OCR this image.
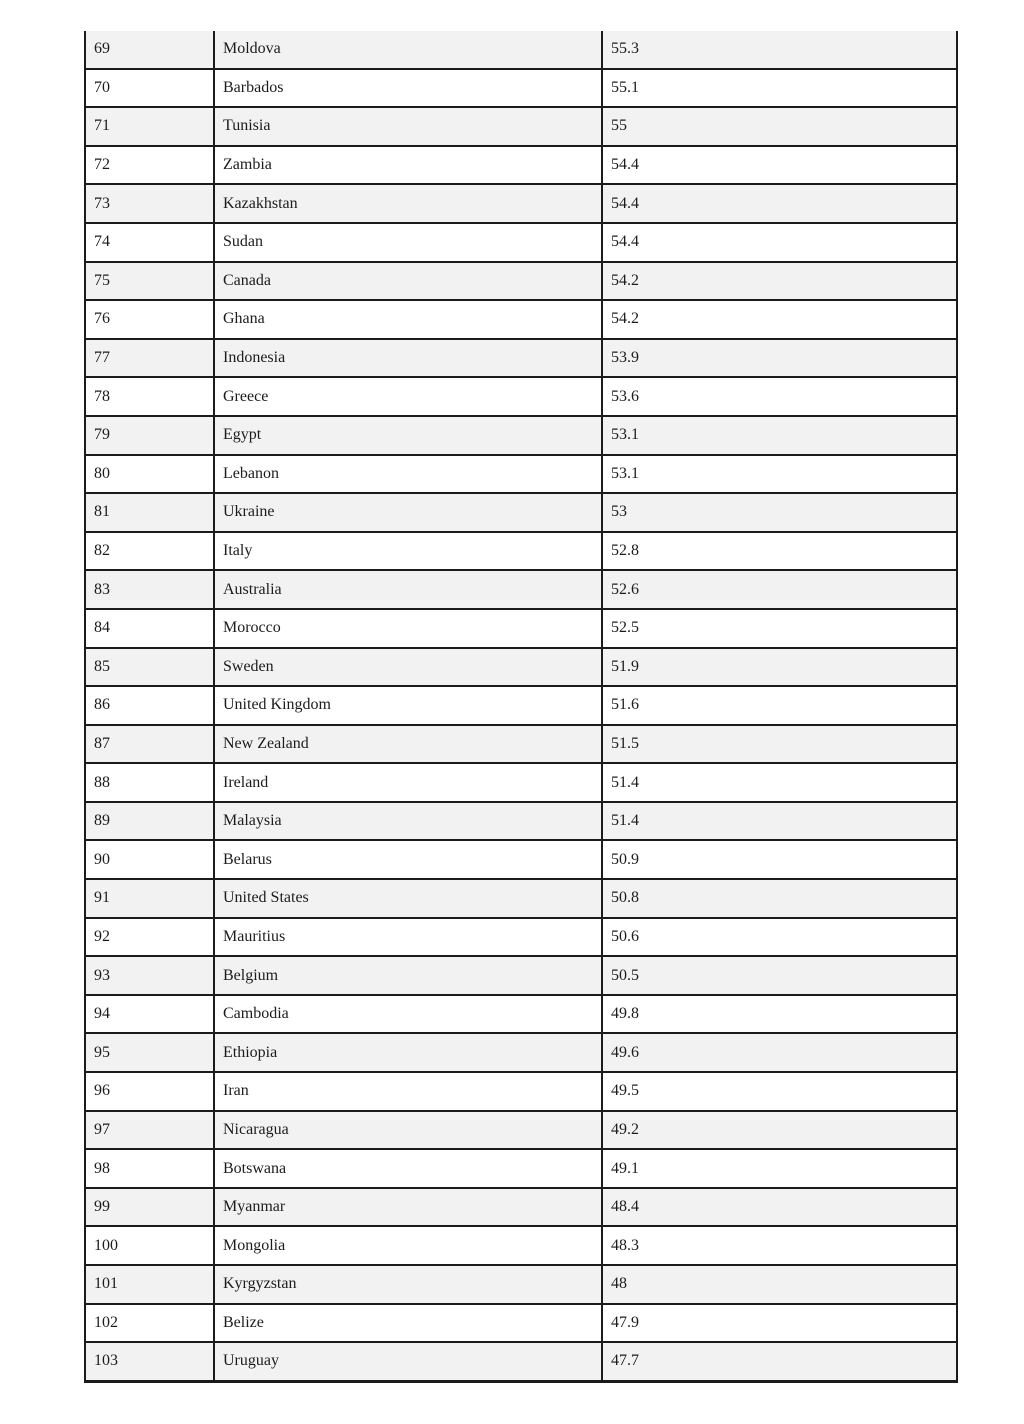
69	Moldova	55.3
70	Barbados	55.1
71	Tunisia	55
72	Zambia	54.4
73	Kazakhstan	54.4
74	Sudan	54.4
75	Canada	54.2
76	Ghana	54.2
77	Indonesia	53.9
78	Greece	53.6
79	Egypt	53.1
80	Lebanon	53.1
81	Ukraine	53
82	Italy	52.8
83	Australia	52.6
84	Morocco	52.5
85	Sweden	51.9
86	United Kingdom	51.6
87	New Zealand	51.5
88	Ireland	51.4
89	Malaysia	51.4
90	Belarus	50.9
91	United States	50.8
92	Mauritius	50.6
93	Belgium	50.5
94	Cambodia	49.8
95	Ethiopia	49.6
96	Iran	49.5
97	Nicaragua	49.2
98	Botswana	49.1
99	Myanmar	48.4
100	Mongolia	48.3
101	Kyrgyzstan	48
102	Belize	47.9
103	Uruguay	47.7
